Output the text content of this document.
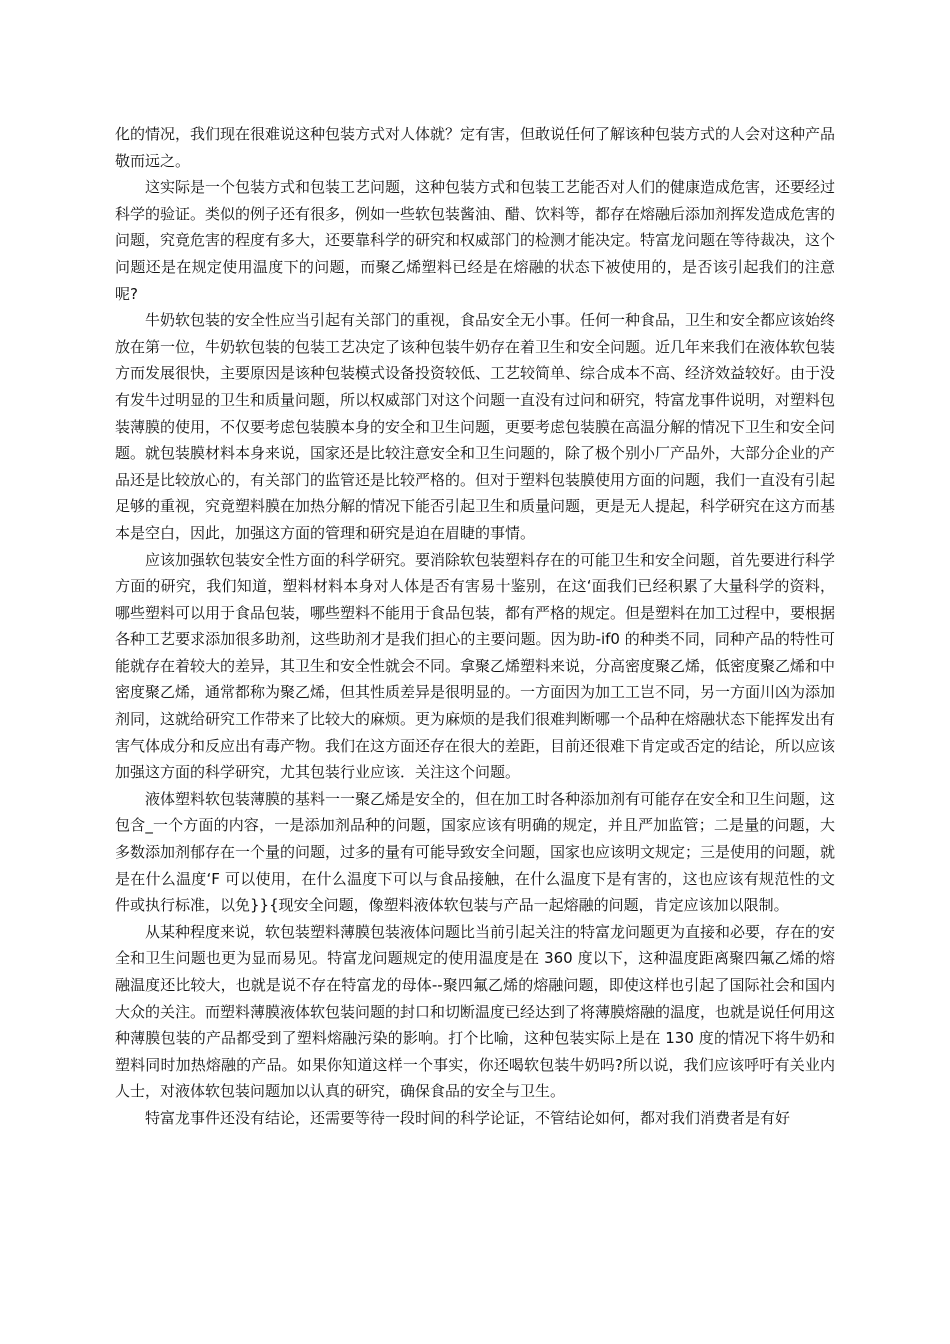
化的情况，我们现在很难说这种包装方式对人体就？定有害，但敢说任何了解该种包装方式的人会对这种产品敬而远之。

这实际是一个包装方式和包装工艺问题，这种包装方式和包装工艺能否对人们的健康造成危害，还要经过科学的验证。类似的例子还有很多，例如一些软包装酱油、醋、饮料等，都存在熔融后添加剂挥发造成危害的问题，究竟危害的程度有多大，还要靠科学的研究和权威部门的检测才能决定。特富龙问题在等待裁决，这个问题还是在规定使用温度下的问题，而聚乙烯塑料已经是在熔融的状态下被使用的，是否该引起我们的注意呢?

牛奶软包装的安全性应当引起有关部门的重视，食品安全无小事。任何一种食品，卫生和安全都应该始终放在第一位，牛奶软包装的包装工艺决定了该种包装牛奶存在着卫生和安全问题。近几年来我们在液体软包装方而发展很快，主要原因是该种包装模式设备投资较低、工艺较简单、综合成本不高、经济效益较好。由于没有发牛过明显的卫生和质量问题，所以权威部门对这个问题一直没有过问和研究，特富龙事件说明，对塑料包装薄膜的使用，不仅要考虑包装膜本身的安全和卫生问题，更要考虑包装膜在高温分解的情况下卫生和安全问题。就包装膜材料本身来说，国家还是比较注意安全和卫生问题的，除了极个别小厂产品外，大部分企业的产品还是比较放心的，有关部门的监管还是比较严格的。但对于塑料包装膜使用方面的问题，我们一直没有引起足够的重视，究竟塑料膜在加热分解的情况下能否引起卫生和质量问题，更是无人提起，科学研究在这方而基本是空白，因此，加强这方面的管理和研究是迫在眉睫的事情。

应该加强软包装安全性方面的科学研究。要消除软包装塑料存在的可能卫生和安全问题，首先要进行科学方面的研究，我们知道，塑料材料本身对人体是否有害易十鉴别，在这‘面我们已经积累了大量科学的资料，哪些塑料可以用于食品包装，哪些塑料不能用于食品包装，都有严格的规定。但是塑料在加工过程中，要根据各种工艺要求添加很多助剂，这些助剂才是我们担心的主要问题。因为助-if0 的种类不同，同种产品的特性可能就存在着较大的差异，其卫生和安全性就会不同。拿聚乙烯塑料来说，分高密度聚乙烯，低密度聚乙烯和中密度聚乙烯，通常都称为聚乙烯，但其性质差异是很明显的。一方面因为加工工岂不同，另一方面川凶为添加剂同，这就给研究工作带来了比较大的麻烦。更为麻烦的是我们很难判断哪一个品种在熔融状态下能挥发出有害气体成分和反应出有毒产物。我们在这方面还存在很大的差距，目前还很难下肯定或否定的结论，所以应该加强这方面的科学研究，尤其包装行业应该．关注这个问题。

液体塑料软包装薄膜的基料一一聚乙烯是安全的，但在加工时各种添加剂有可能存在安全和卫生问题，这包含_一个方面的内容，一是添加剂品种的问题，国家应该有明确的规定，并且严加监管；二是量的问题，大多数添加剂郁存在一个量的问题，过多的量有可能导致安全问题，国家也应该明文规定；三是使用的问题，就是在什么温度‘F 可以使用，在什么温度下可以与食品接触，在什么温度下是有害的，这也应该有规范性的文件或执行标准，以免}}{现安全问题，像塑料液体软包装与产品一起熔融的问题，肯定应该加以限制。

从某种程度来说，软包装塑料薄膜包装液体问题比当前引起关注的特富龙问题更为直接和必要，存在的安全和卫生问题也更为显而易见。特富龙问题规定的使用温度是在 360 度以下，这种温度距离聚四氟乙烯的熔融温度还比较大，也就是说不存在特富龙的母体--聚四氟乙烯的熔融问题，即使这样也引起了国际社会和国内大众的关注。而塑料薄膜液体软包装问题的封口和切断温度已经达到了将薄膜熔融的温度，也就是说任何用这种薄膜包装的产品都受到了塑料熔融污染的影响。打个比喻，这种包装实际上是在 130 度的情况下将牛奶和塑料同时加热熔融的产品。如果你知道这样一个事实，你还喝软包装牛奶吗?所以说，我们应该呼吁有关业内人士，对液体软包装问题加以认真的研究，确保食品的安全与卫生。

特富龙事件还没有结论，还需要等待一段时间的科学论证，不管结论如何，都对我们消费者是有好
